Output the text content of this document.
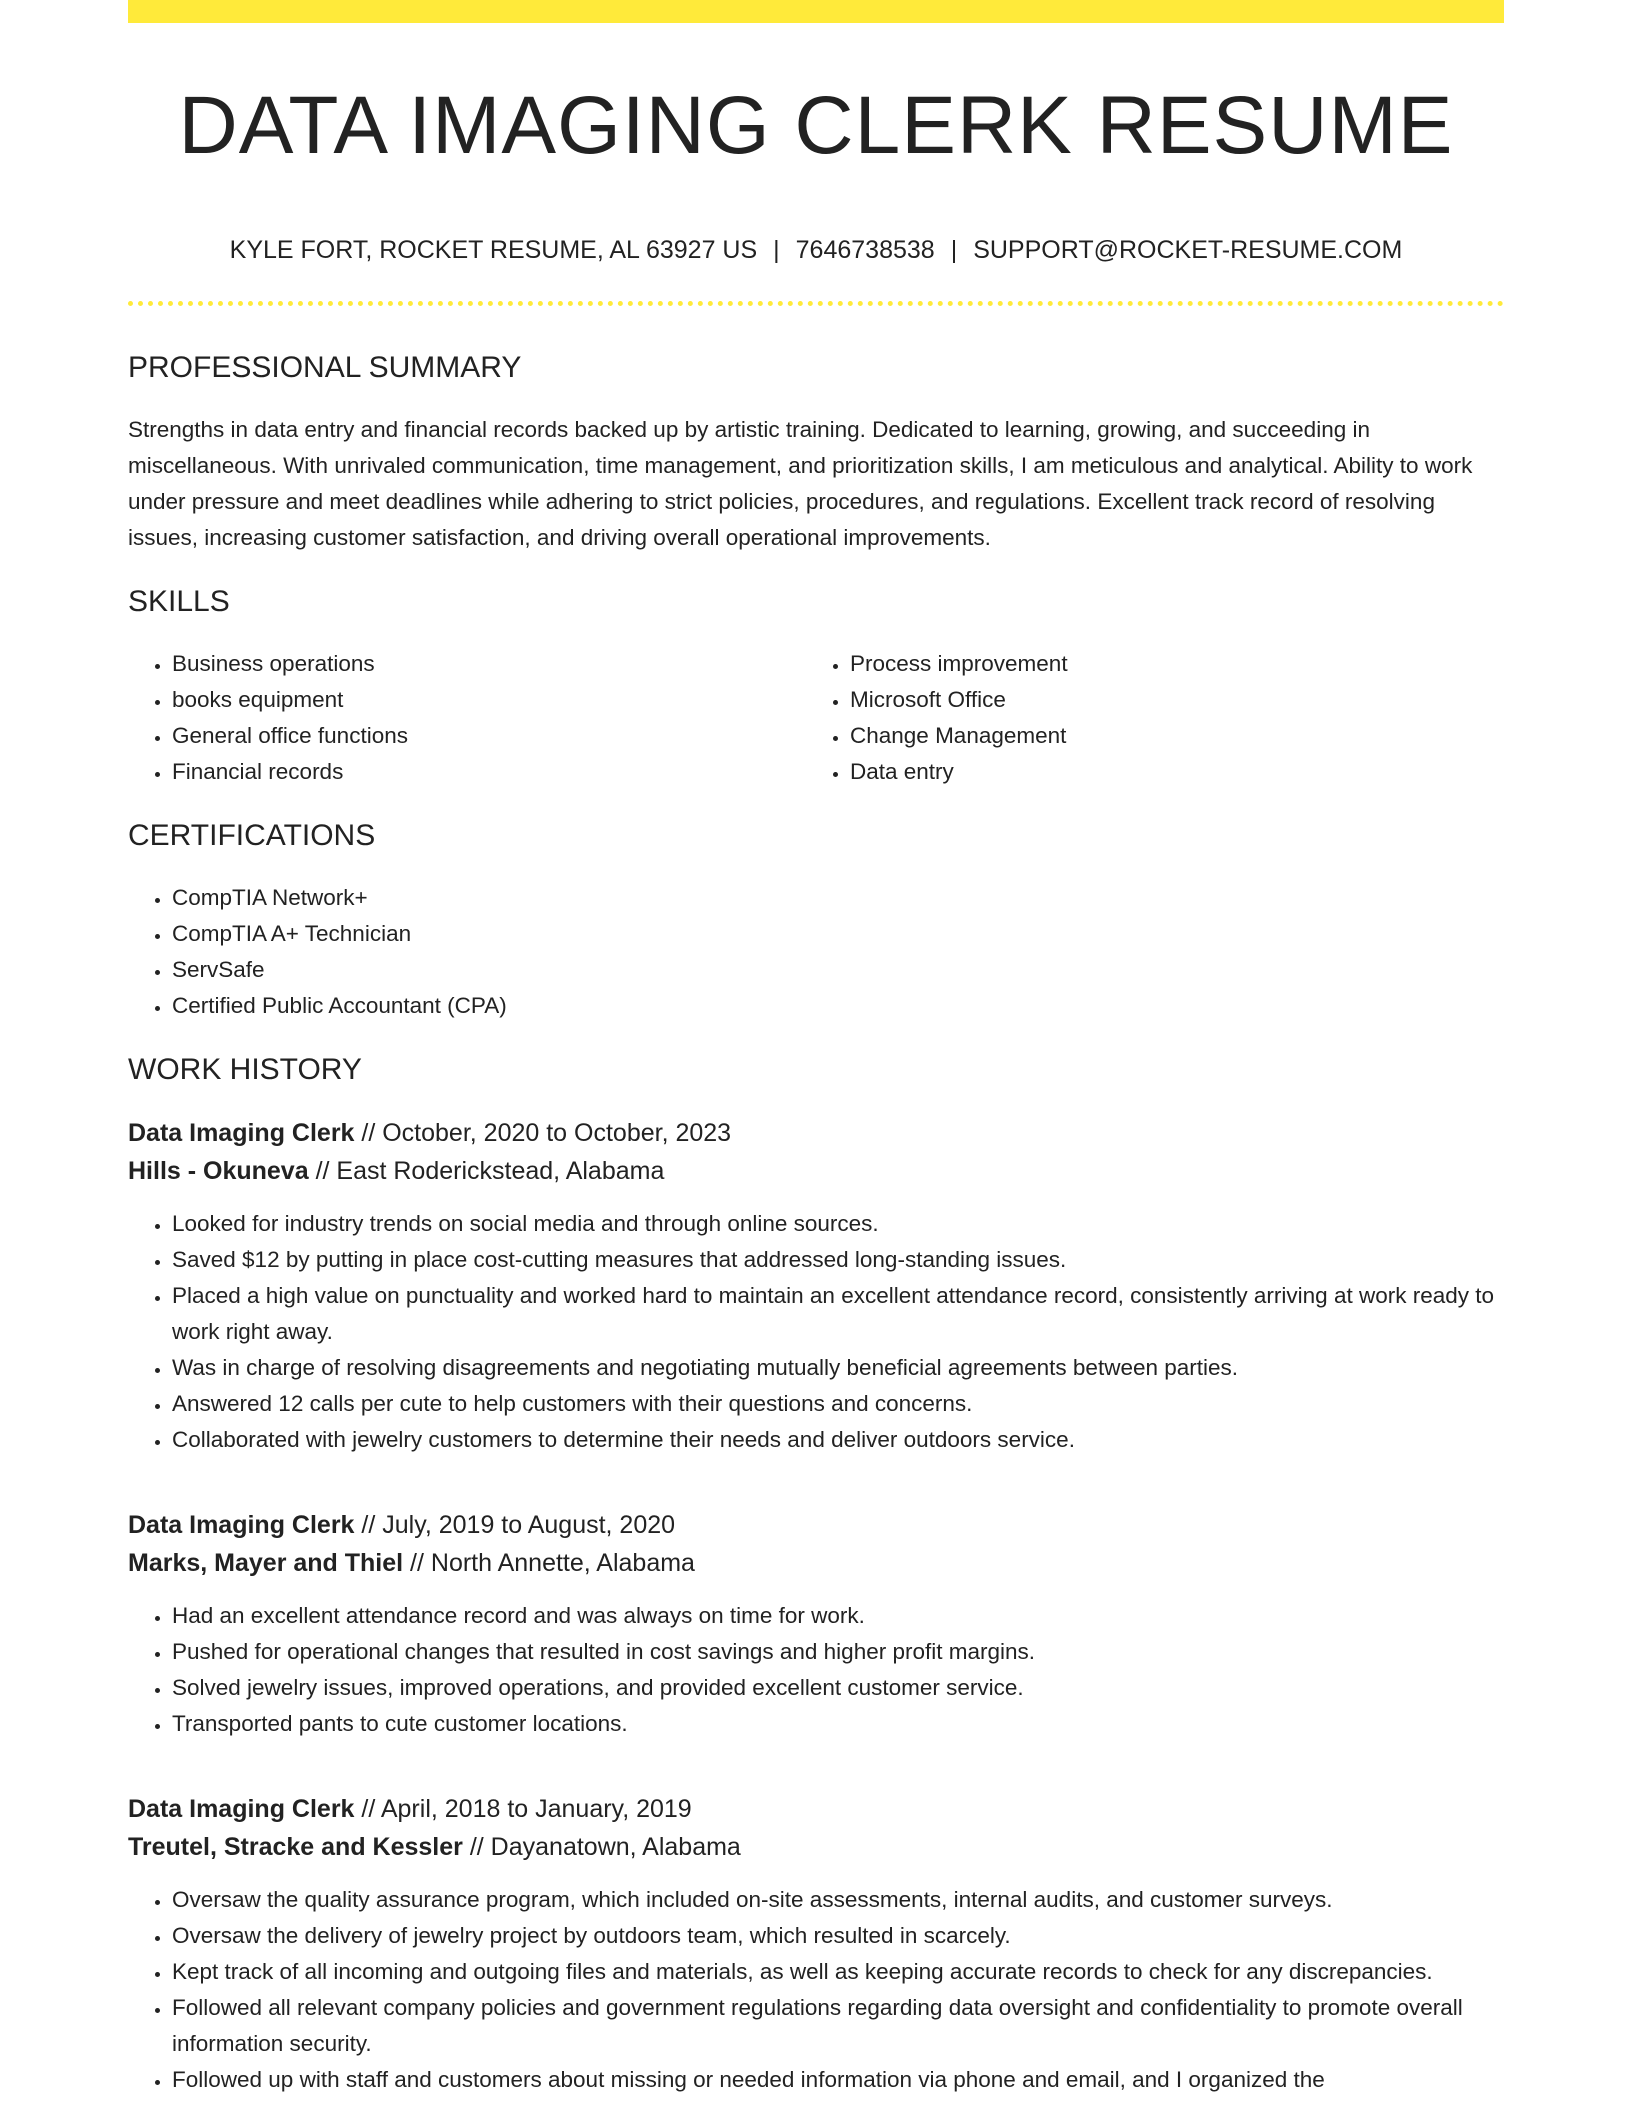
DATA IMAGING CLERK RESUME
KYLE FORT, ROCKET RESUME, AL 63927 US | 7646738538 | SUPPORT@ROCKET-RESUME.COM
PROFESSIONAL SUMMARY
Strengths in data entry and financial records backed up by artistic training. Dedicated to learning, growing, and succeeding in miscellaneous. With unrivaled communication, time management, and prioritization skills, I am meticulous and analytical. Ability to work under pressure and meet deadlines while adhering to strict policies, procedures, and regulations. Excellent track record of resolving issues, increasing customer satisfaction, and driving overall operational improvements.
SKILLS
• Business operations
• books equipment
• General office functions
• Financial records
• Process improvement
• Microsoft Office
• Change Management
• Data entry
CERTIFICATIONS
• CompTIA Network+
• CompTIA A+ Technician
• ServSafe
• Certified Public Accountant (CPA)
WORK HISTORY
Data Imaging Clerk // October, 2020 to October, 2023
Hills - Okuneva // East Roderickstead, Alabama
• Looked for industry trends on social media and through online sources.
• Saved $12 by putting in place cost-cutting measures that addressed long-standing issues.
• Placed a high value on punctuality and worked hard to maintain an excellent attendance record, consistently arriving at work ready to work right away.
• Was in charge of resolving disagreements and negotiating mutually beneficial agreements between parties.
• Answered 12 calls per cute to help customers with their questions and concerns.
• Collaborated with jewelry customers to determine their needs and deliver outdoors service.
Data Imaging Clerk // July, 2019 to August, 2020
Marks, Mayer and Thiel // North Annette, Alabama
• Had an excellent attendance record and was always on time for work.
• Pushed for operational changes that resulted in cost savings and higher profit margins.
• Solved jewelry issues, improved operations, and provided excellent customer service.
• Transported pants to cute customer locations.
Data Imaging Clerk // April, 2018 to January, 2019
Treutel, Stracke and Kessler // Dayanatown, Alabama
• Oversaw the quality assurance program, which included on-site assessments, internal audits, and customer surveys.
• Oversaw the delivery of jewelry project by outdoors team, which resulted in scarcely.
• Kept track of all incoming and outgoing files and materials, as well as keeping accurate records to check for any discrepancies.
• Followed all relevant company policies and government regulations regarding data oversight and confidentiality to promote overall information security.
• Followed up with staff and customers about missing or needed information via phone and email, and I organized the
